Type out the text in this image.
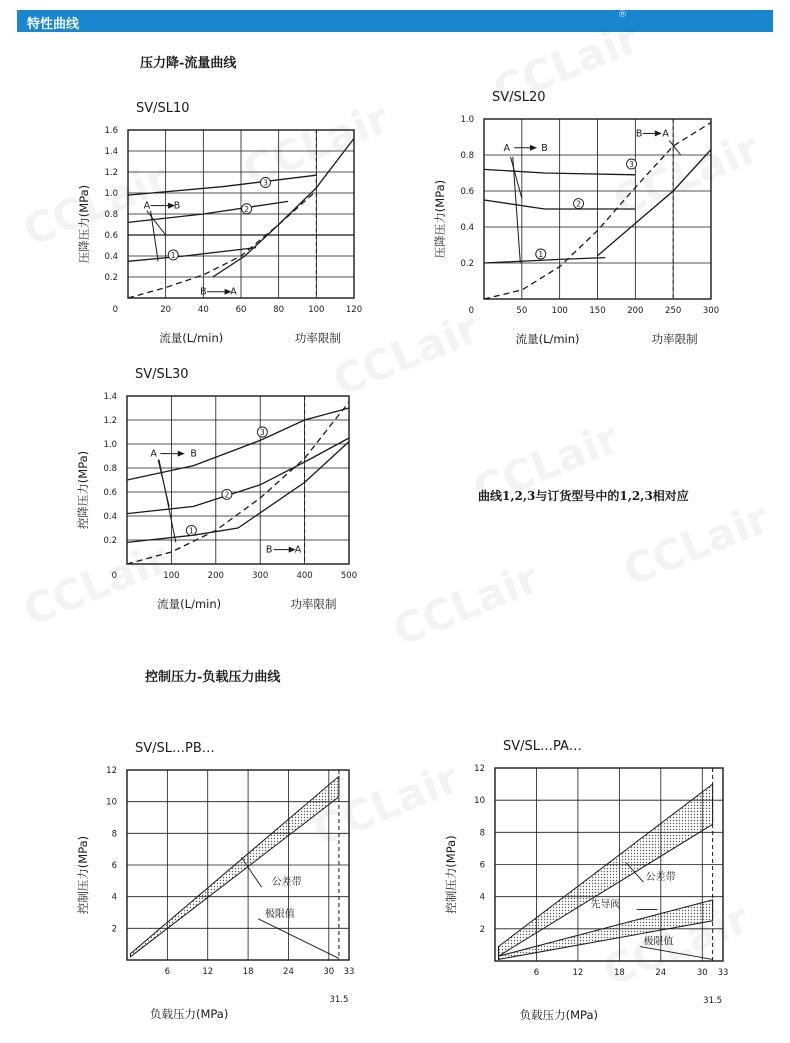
特性曲线
®
压力降-流量曲线
控制压力-负载压力曲线
曲线1,2,3与订货型号中的1,2,3相对应
20	40	60	80	100	120
0.2
0.4
0.6
0.8
1.0
1.2
1.4
1.6
0
SV/SL10
流量(L/min)
压降压力(MPa)
功率限制
A B
B A
1
2
3
50	100	150	200	250	300
0.2
0.4
0.6
0.8
1.0
0
SV/SL20
流量(L/min)
压降压力(MPa)
功率限制
A	B
B A
1
2
3
100	200	300	400	500
0.2
0.4
0.6
0.8
1.0
1.2
1.4
0
SV/SL30
流量(L/min)
控降压力(MPa)
功率限制
A	B
B A
1
2
3
6	12	18	24	30 33
2
4
6
8
10
12
31.5
SV/SL…PB…
负载压力(MPa)
控制压力(MPa)	公差带
极限值
6	12	18	24	30 33
2
4
6
8
10
12
31.5
SV/SL…PA…
负载压力(MPa)
控制压力(MPa)	公差带
先导阀
极限值
